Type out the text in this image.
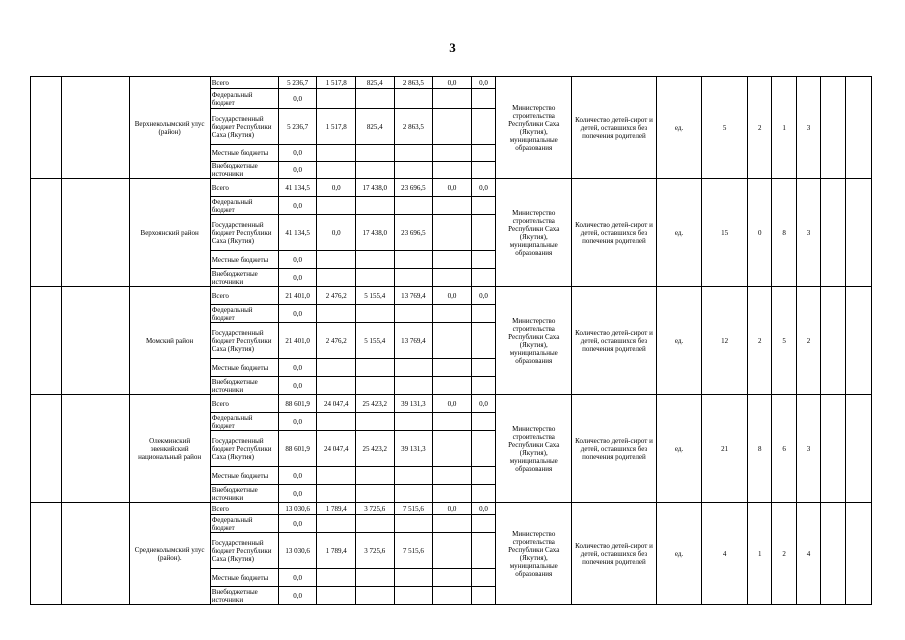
3
		Верхнеколымский улус (район)	Всего	5 236,7	1 517,8	825,4	2 863,5	0,0	0,0	Министерство строительства Республики Саха (Якутия), муниципальные образования	Количество детей-сирот и детей, оставшихся без попечения родителей	ед.	5	2	1	3		
			Федеральный бюджет	0,0														
			Государственный бюджет Республики Саха (Якутия)	5 236,7	1 517,8	825,4	2 863,5											
			Местные бюджеты	0,0														
			Внебюджетные источники	0,0														
		Верхоянский район	Всего	41 134,5	0,0	17 438,0	23 696,5	0,0	0,0	Министерство строительства Республики Саха (Якутия), муниципальные образования	Количество детей-сирот и детей, оставшихся без попечения родителей	ед.	15	0	8	3		
			Федеральный бюджет	0,0														
			Государственный бюджет Республики Саха (Якутия)	41 134,5	0,0	17 438,0	23 696,5											
			Местные бюджеты	0,0														
			Внебюджетные источники	0,0														
		Момский район	Всего	21 401,0	2 476,2	5 155,4	13 769,4	0,0	0,0	Министерство строительства Республики Саха (Якутия), муниципальные образования	Количество детей-сирот и детей, оставшихся без попечения родителей	ед.	12	2	5	2		
			Федеральный бюджет	0,0														
			Государственный бюджет Республики Саха (Якутия)	21 401,0	2 476,2	5 155,4	13 769,4											
			Местные бюджеты	0,0														
			Внебюджетные источники	0,0														
		Олекминский эвенкийский национальный район	Всего	88 601,9	24 047,4	25 423,2	39 131,3	0,0	0,0	Министерство строительства Республики Саха (Якутия), муниципальные образования	Количество детей-сирот и детей, оставшихся без попечения родителей	ед.	21	8	6	3		
			Федеральный бюджет	0,0														
			Государственный бюджет Республики Саха (Якутия)	88 601,9	24 047,4	25 423,2	39 131,3											
			Местные бюджеты	0,0														
			Внебюджетные источники	0,0														
		Среднеколымский улус (район).	Всего	13 030,6	1 789,4	3 725,6	7 515,6	0,0	0,0	Министерство строительства Республики Саха (Якутия), муниципальные образования	Количество детей-сирот и детей, оставшихся без попечения родителей	ед.	4	1	2	4		
			Федеральный бюджет	0,0														
			Государственный бюджет Республики Саха (Якутия)	13 030,6	1 789,4	3 725,6	7 515,6											
			Местные бюджеты	0,0														
			Внебюджетные источники	0,0														
